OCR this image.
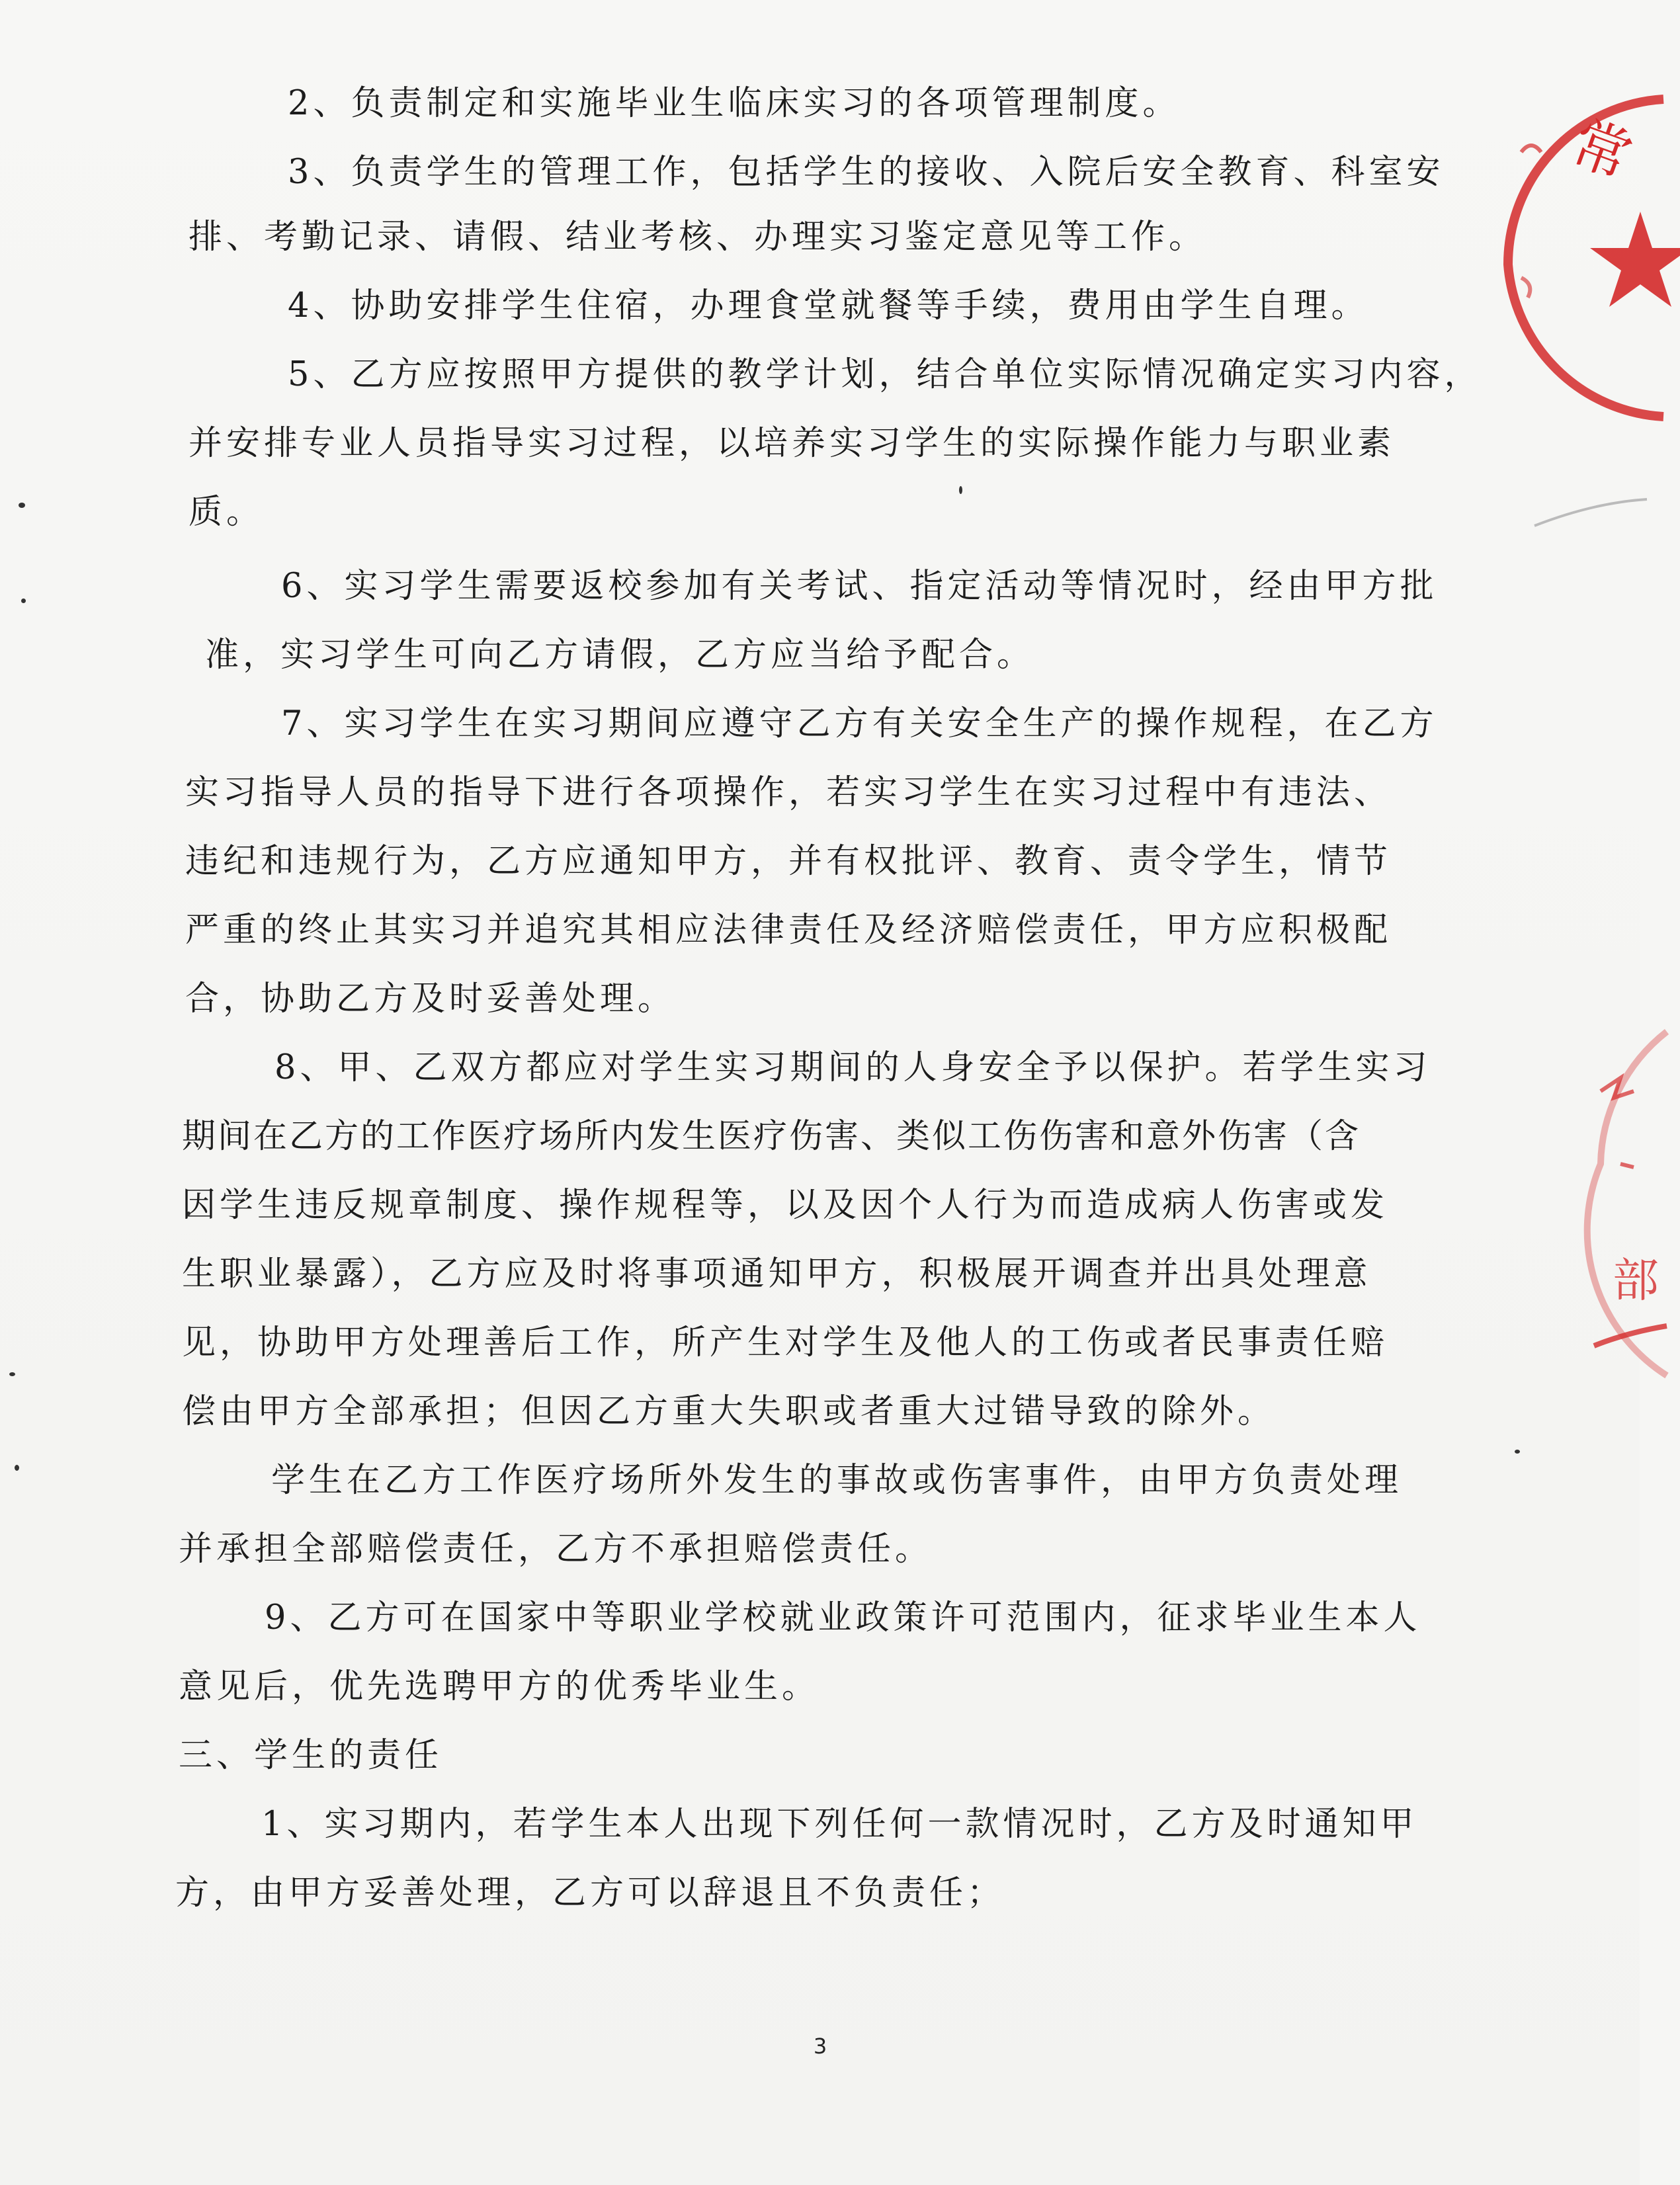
常
部

2、负责制定和实施毕业生临床实习的各项管理制度。

3、负责学生的管理工作，包括学生的接收、入院后安全教育、科室安

排、考勤记录、请假、结业考核、办理实习鉴定意见等工作。

4、协助安排学生住宿，办理食堂就餐等手续，费用由学生自理。

5、乙方应按照甲方提供的教学计划，结合单位实际情况确定实习内容，

并安排专业人员指导实习过程，以培养实习学生的实际操作能力与职业素

质。

6、实习学生需要返校参加有关考试、指定活动等情况时，经由甲方批

准，实习学生可向乙方请假，乙方应当给予配合。

7、实习学生在实习期间应遵守乙方有关安全生产的操作规程，在乙方

实习指导人员的指导下进行各项操作，若实习学生在实习过程中有违法、

违纪和违规行为，乙方应通知甲方，并有权批评、教育、责令学生，情节

严重的终止其实习并追究其相应法律责任及经济赔偿责任，甲方应积极配

合，协助乙方及时妥善处理。

8、甲、乙双方都应对学生实习期间的人身安全予以保护。若学生实习

期间在乙方的工作医疗场所内发生医疗伤害、类似工伤伤害和意外伤害（含

因学生违反规章制度、操作规程等，以及因个人行为而造成病人伤害或发

生职业暴露），乙方应及时将事项通知甲方，积极展开调查并出具处理意

见，协助甲方处理善后工作，所产生对学生及他人的工伤或者民事责任赔

偿由甲方全部承担；但因乙方重大失职或者重大过错导致的除外。

学生在乙方工作医疗场所外发生的事故或伤害事件，由甲方负责处理

并承担全部赔偿责任，乙方不承担赔偿责任。

9、乙方可在国家中等职业学校就业政策许可范围内，征求毕业生本人

意见后，优先选聘甲方的优秀毕业生。

三、学生的责任

1、实习期内，若学生本人出现下列任何一款情况时，乙方及时通知甲

方，由甲方妥善处理，乙方可以辞退且不负责任；

3
